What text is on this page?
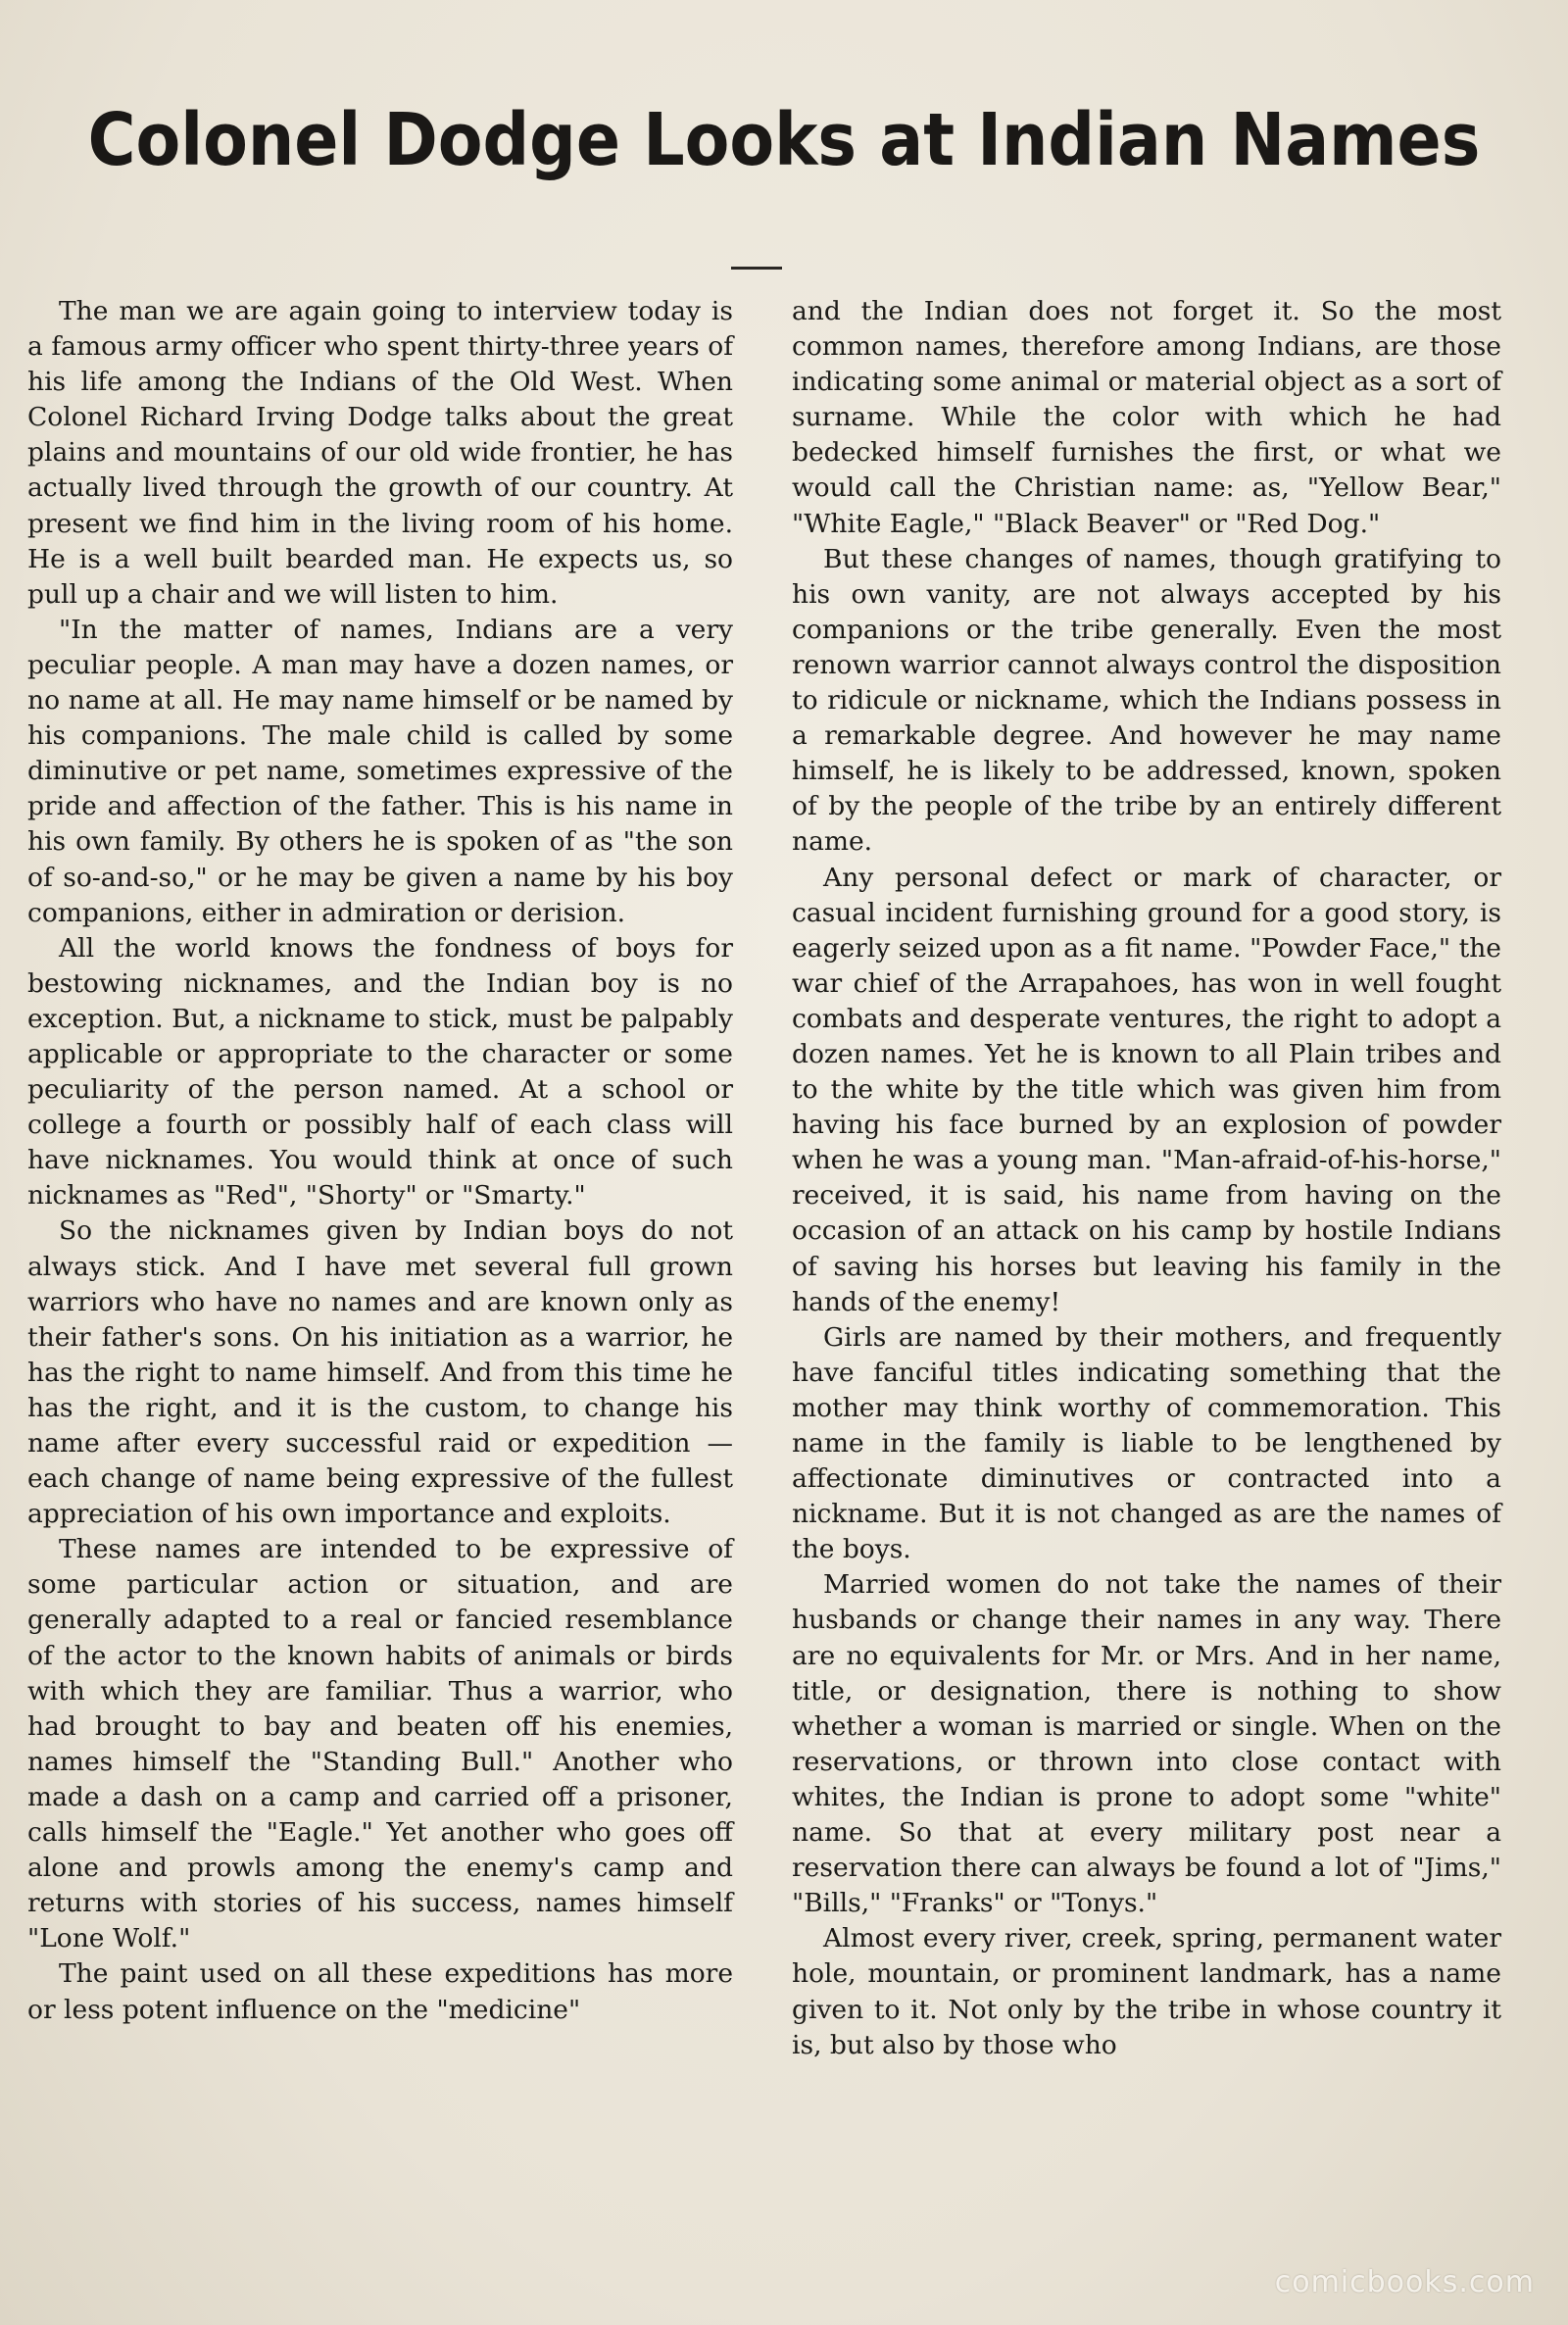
Colonel Dodge Looks at Indian Names

The man we are again going to interview today is a famous army officer who spent thirty-three years of his life among the Indians of the Old West. When Colonel Richard Irving Dodge talks about the great plains and mountains of our old wide frontier, he has actually lived through the growth of our country. At present we find him in the living room of his home. He is a well built bearded man. He expects us, so pull up a chair and we will listen to him.

"In the matter of names, Indians are a very peculiar people. A man may have a dozen names, or no name at all. He may name himself or be named by his companions. The male child is called by some diminutive or pet name, sometimes expressive of the pride and affection of the father. This is his name in his own family. By others he is spoken of as "the son of so-and-so," or he may be given a name by his boy companions, either in admiration or derision.

All the world knows the fondness of boys for bestowing nicknames, and the Indian boy is no exception. But, a nickname to stick, must be palpably applicable or appropriate to the character or some peculiarity of the person named. At a school or college a fourth or possibly half of each class will have nicknames. You would think at once of such nicknames as "Red", "Shorty" or "Smarty."

So the nicknames given by Indian boys do not always stick. And I have met several full grown warriors who have no names and are known only as their father's sons. On his initiation as a warrior, he has the right to name himself. And from this time he has the right, and it is the custom, to change his name after every successful raid or expedition — each change of name being expressive of the fullest appreciation of his own importance and exploits.

These names are intended to be expressive of some particular action or situation, and are generally adapted to a real or fancied resemblance of the actor to the known habits of animals or birds with which they are familiar. Thus a warrior, who had brought to bay and beaten off his enemies, names himself the "Standing Bull." Another who made a dash on a camp and carried off a prisoner, calls himself the "Eagle." Yet another who goes off alone and prowls among the enemy's camp and returns with stories of his success, names himself "Lone Wolf."

The paint used on all these expeditions has more or less potent influence on the "medicine"

and the Indian does not forget it. So the most common names, therefore among Indians, are those indicating some animal or material object as a sort of surname. While the color with which he had bedecked himself furnishes the first, or what we would call the Christian name: as, "Yellow Bear," "White Eagle," "Black Beaver" or "Red Dog."

But these changes of names, though gratifying to his own vanity, are not always accepted by his companions or the tribe generally. Even the most renown warrior cannot always control the disposition to ridicule or nickname, which the Indians possess in a remarkable degree. And however he may name himself, he is likely to be addressed, known, spoken of by the people of the tribe by an entirely different name.

Any personal defect or mark of character, or casual incident furnishing ground for a good story, is eagerly seized upon as a fit name. "Powder Face," the war chief of the Arrapahoes, has won in well fought combats and desperate ventures, the right to adopt a dozen names. Yet he is known to all Plain tribes and to the white by the title which was given him from having his face burned by an explosion of powder when he was a young man. "Man-afraid-of-his-horse," received, it is said, his name from having on the occasion of an attack on his camp by hostile Indians of saving his horses but leaving his family in the hands of the enemy!

Girls are named by their mothers, and frequently have fanciful titles indicating something that the mother may think worthy of commemoration. This name in the family is liable to be lengthened by affectionate diminutives or contracted into a nickname. But it is not changed as are the names of the boys.

Married women do not take the names of their husbands or change their names in any way. There are no equivalents for Mr. or Mrs. And in her name, title, or designation, there is nothing to show whether a woman is married or single. When on the reservations, or thrown into close contact with whites, the Indian is prone to adopt some "white" name. So that at every military post near a reservation there can always be found a lot of "Jims," "Bills," "Franks" or "Tonys."

Almost every river, creek, spring, permanent water hole, mountain, or prominent landmark, has a name given to it. Not only by the tribe in whose country it is, but also by those who

comicbooks.com
